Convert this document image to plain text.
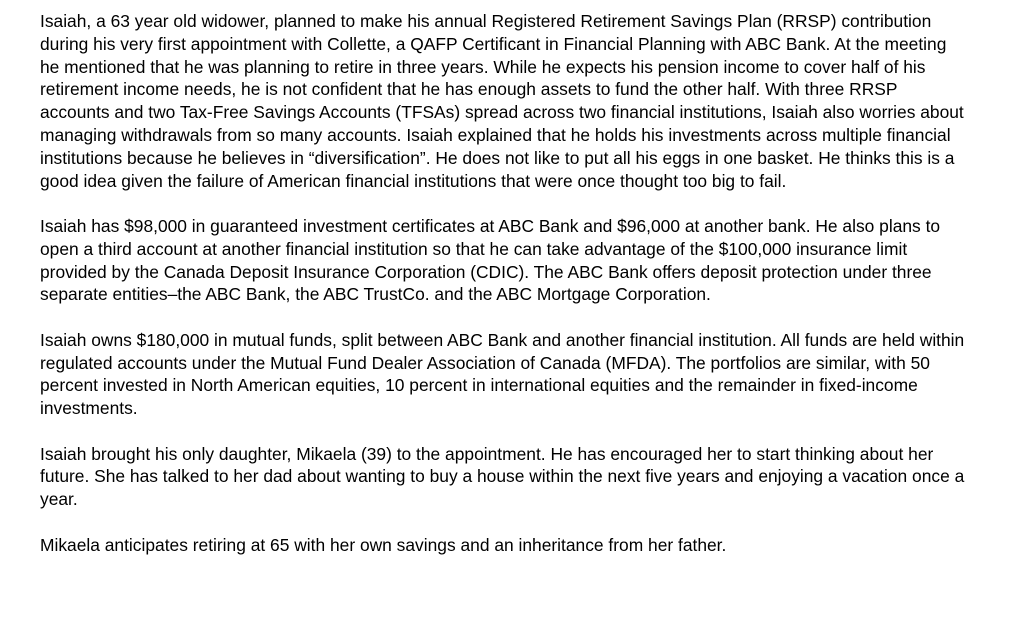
Isaiah, a 63 year old widower, planned to make his annual Registered Retirement Savings Plan (RRSP) contribution during his very first appointment with Collette, a QAFP Certificant in Financial Planning with ABC Bank. At the meeting he mentioned that he was planning to retire in three years. While he expects his pension income to cover half of his retirement income needs, he is not confident that he has enough assets to fund the other half. With three RRSP accounts and two Tax-Free Savings Accounts (TFSAs) spread across two financial institutions, Isaiah also worries about managing withdrawals from so many accounts. Isaiah explained that he holds his investments across multiple financial institutions because he believes in “diversification”. He does not like to put all his eggs in one basket. He thinks this is a good idea given the failure of American financial institutions that were once thought too big to fail.

Isaiah has $98,000 in guaranteed investment certificates at ABC Bank and $96,000 at another bank. He also plans to open a third account at another financial institution so that he can take advantage of the $100,000 insurance limit provided by the Canada Deposit Insurance Corporation (CDIC). The ABC Bank offers deposit protection under three separate entities–the ABC Bank, the ABC TrustCo. and the ABC Mortgage Corporation.

Isaiah owns $180,000 in mutual funds, split between ABC Bank and another financial institution. All funds are held within regulated accounts under the Mutual Fund Dealer Association of Canada (MFDA). The portfolios are similar, with 50 percent invested in North American equities, 10 percent in international equities and the remainder in fixed-income investments.

Isaiah brought his only daughter, Mikaela (39) to the appointment. He has encouraged her to start thinking about her future. She has talked to her dad about wanting to buy a house within the next five years and enjoying a vacation once a year.

Mikaela anticipates retiring at 65 with her own savings and an inheritance from her father.
